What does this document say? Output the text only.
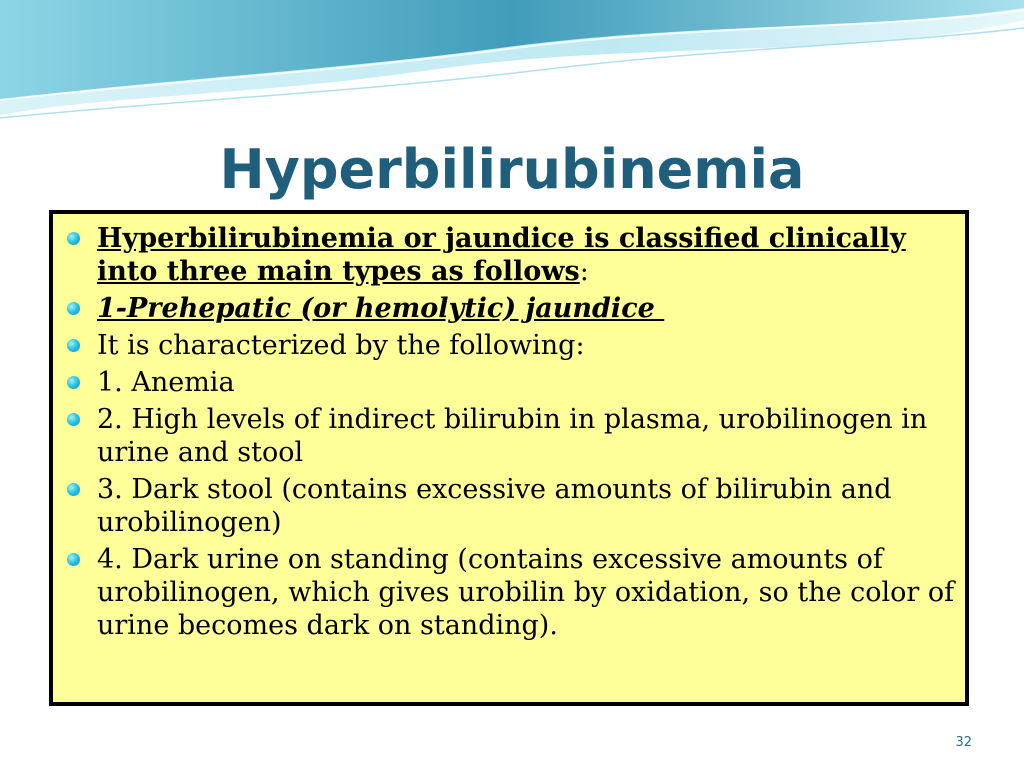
Hyperbilirubinemia
Hyperbilirubinemia or jaundice is classified clinically into three main types as follows:
1-Prehepatic (or hemolytic) jaundice
It is characterized by the following:
1. Anemia
2. High levels of indirect bilirubin in plasma, urobilinogen in urine and stool
3. Dark stool (contains excessive amounts of bilirubin and urobilinogen)
4. Dark urine on standing (contains excessive amounts of urobilinogen, which gives urobilin by oxidation, so the color of urine becomes dark on standing).
32
